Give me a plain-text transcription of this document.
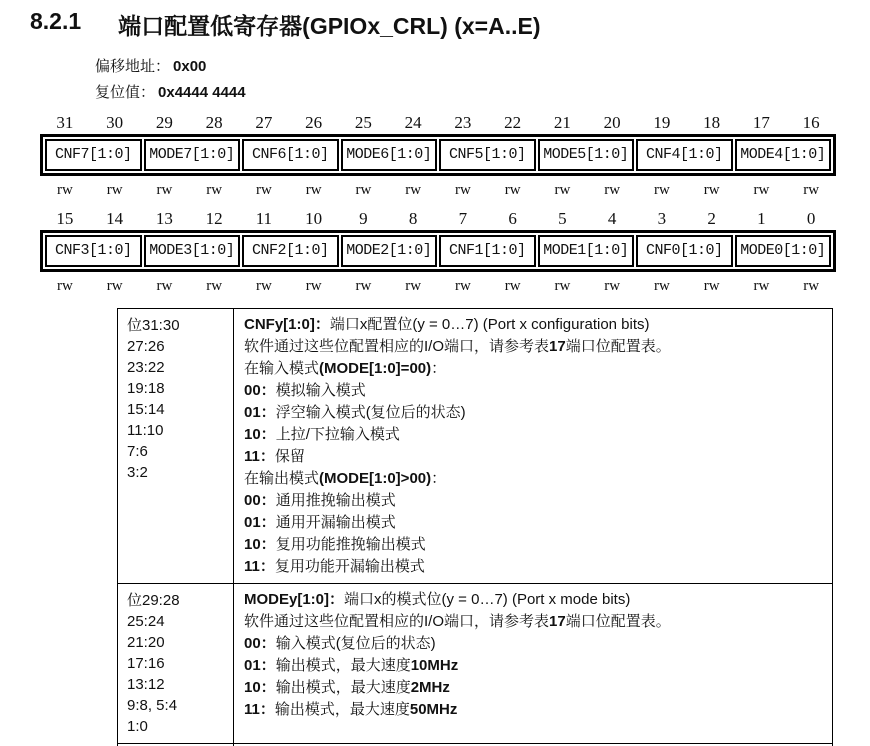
8.2.1 端口配置低寄存器(GPIOx_CRL) (x=A..E)
偏移地址： 0x00
复位值： 0x4444 4444
31	30	29	28	27	26	25	24	23	22	21	20	19	18	17	16
CNF7[1:0]	MODE7[1:0]	CNF6[1:0]	MODE6[1:0]	CNF5[1:0]	MODE5[1:0]	CNF4[1:0]	MODE4[1:0]
rw	rw	rw	rw	rw	rw	rw	rw	rw	rw	rw	rw	rw	rw	rw	rw
15	14	13	12	11	10	9	8	7	6	5	4	3	2	1	0
CNF3[1:0]	MODE3[1:0]	CNF2[1:0]	MODE2[1:0]	CNF1[1:0]	MODE1[1:0]	CNF0[1:0]	MODE0[1:0]
rw	rw	rw	rw	rw	rw	rw	rw	rw	rw	rw	rw	rw	rw	rw	rw
位31:30
27:26
23:22
19:18
15:14
11:10
7:6
3:2
CNFy[1:0]：端口x配置位(y = 0…7) (Port x configuration bits)
软件通过这些位配置相应的I/O端口，请参考表17端口位配置表。
在输入模式(MODE[1:0]=00)：
00：模拟输入模式
01：浮空输入模式(复位后的状态)
10：上拉/下拉输入模式
11：保留
在输出模式(MODE[1:0]>00)：
00：通用推挽输出模式
01：通用开漏输出模式
10：复用功能推挽输出模式
11：复用功能开漏输出模式
位29:28
25:24
21:20
17:16
13:12
9:8, 5:4
1:0
MODEy[1:0]：端口x的模式位(y = 0…7) (Port x mode bits)
软件通过这些位配置相应的I/O端口，请参考表17端口位配置表。
00：输入模式(复位后的状态)
01：输出模式，最大速度10MHz
10：输出模式，最大速度2MHz
11：输出模式，最大速度50MHz
